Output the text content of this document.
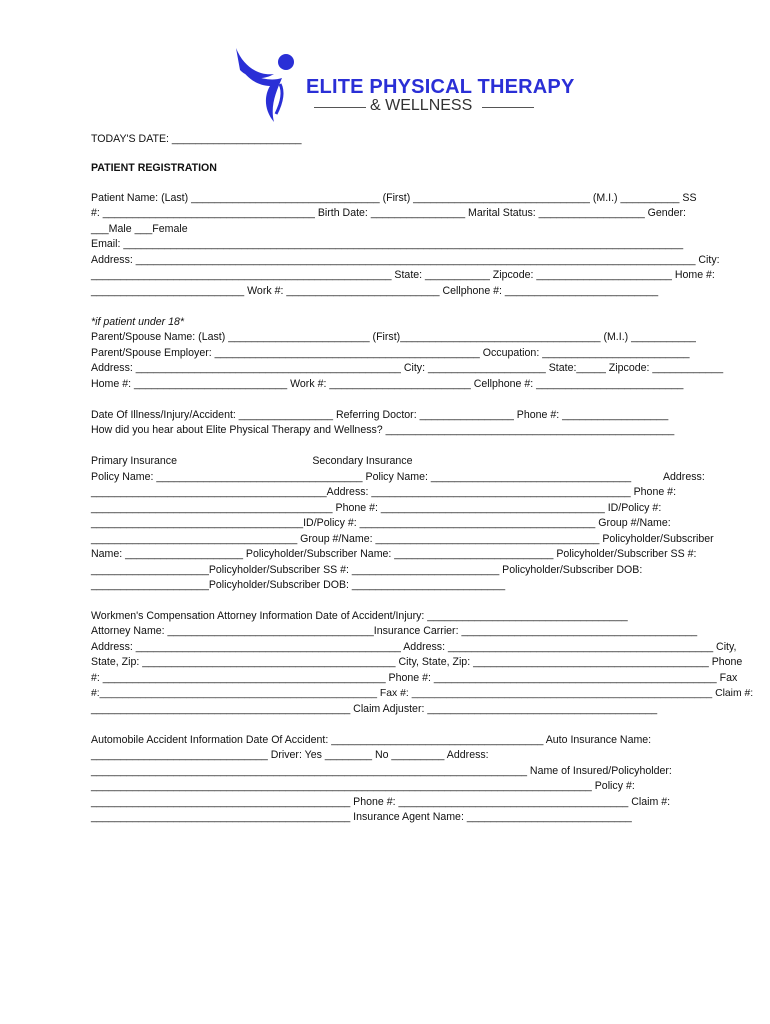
ELITE PHYSICAL THERAPY
& WELLNESS
TODAY'S DATE: ______________________
PATIENT REGISTRATION
Patient Name: (Last) ________________________________ (First) ______________________________ (M.I.) __________ SS
#: ____________________________________ Birth Date: ________________ Marital Status: __________________ Gender:
___Male ___Female
Email: _______________________________________________________________________________________________
Address: _______________________________________________________________________________________________ City:
___________________________________________________ State: ___________ Zipcode: _______________________ Home #:
__________________________ Work #: __________________________ Cellphone #: __________________________
*if patient under 18*
Parent/Spouse Name: (Last) ________________________ (First)__________________________________ (M.I.) ___________
Parent/Spouse Employer: _____________________________________________ Occupation: _________________________
Address: _____________________________________________ City: ____________________ State:_____ Zipcode: ____________
Home #: __________________________ Work #: ________________________ Cellphone #: _________________________
Date Of Illness/Injury/Accident: ________________ Referring Doctor: ________________ Phone #: __________________
How did you hear about Elite Physical Therapy and Wellness? _________________________________________________
Primary Insurance                                              Secondary Insurance
Policy Name: ___________________________________ Policy Name: __________________________________           Address:
________________________________________Address: ____________________________________________ Phone #:
_________________________________________ Phone #: ______________________________________ ID/Policy #:
____________________________________ID/Policy #: ________________________________________ Group #/Name:
___________________________________ Group #/Name: ______________________________________ Policyholder/Subscriber
Name: ____________________ Policyholder/Subscriber Name: ___________________________ Policyholder/Subscriber SS #:
____________________Policyholder/Subscriber SS #: _________________________ Policyholder/Subscriber DOB:
____________________Policyholder/Subscriber DOB: __________________________
Workmen's Compensation Attorney Information Date of Accident/Injury: __________________________________
Attorney Name: ___________________________________Insurance Carrier: ________________________________________
Address: _____________________________________________ Address: _____________________________________________ City,
State, Zip: ___________________________________________ City, State, Zip: ________________________________________ Phone
#: ________________________________________________ Phone #: ________________________________________________ Fax
#:________________________________________________ Fax #: ____________________________________________________ Claim #:
____________________________________________ Claim Adjuster: _______________________________________
Automobile Accident Information Date Of Accident: ____________________________________ Auto Insurance Name:
______________________________ Driver: Yes ________ No _________ Address:
__________________________________________________________________________ Name of Insured/Policyholder:
_____________________________________________________________________________________ Policy #:
____________________________________________ Phone #: _______________________________________ Claim #:
____________________________________________ Insurance Agent Name: ____________________________
